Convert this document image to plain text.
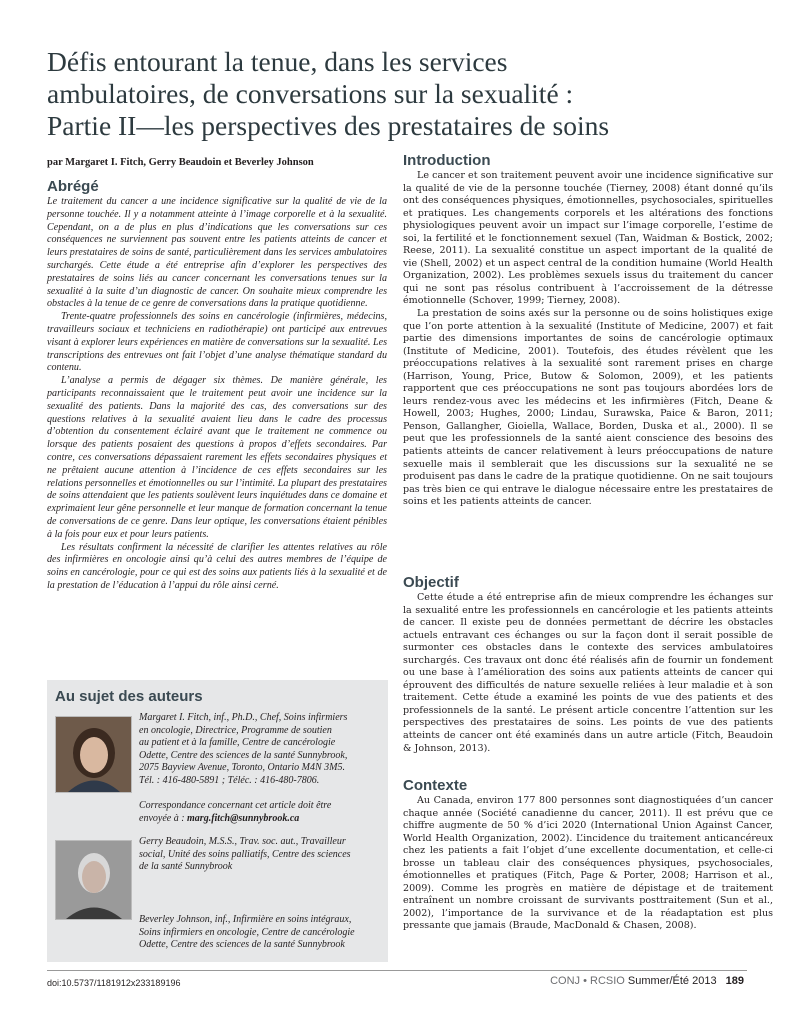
Défis entourant la tenue, dans les services
ambulatoires, de conversations sur la sexualité :
Partie II—les perspectives des prestataires de soins
par Margaret I. Fitch, Gerry Beaudoin et Beverley Johnson
Abrégé

Le traitement du cancer a une incidence significative sur la qualité de vie de la personne touchée. Il y a notamment atteinte à l’image corporelle et à la sexualité. Cependant, on a de plus en plus d’indications que les conversations sur ces conséquences ne surviennent pas souvent entre les patients atteints de cancer et leurs prestataires de soins de santé, particulièrement dans les services ambulatoires surchargés. Cette étude a été entreprise afin d’explorer les perspectives des prestataires de soins liés au cancer concernant les conversations tenues sur la sexualité à la suite d’un diagnostic de cancer. On souhaite mieux comprendre les obstacles à la tenue de ce genre de conversations dans la pratique quotidienne.

Trente-quatre professionnels des soins en cancérologie (infirmières, médecins, travailleurs sociaux et techniciens en radiothérapie) ont participé aux entrevues visant à explorer leurs expériences en matière de conversations sur la sexualité. Les transcriptions des entrevues ont fait l’objet d’une analyse thématique standard du contenu.

L’analyse a permis de dégager six thèmes. De manière générale, les participants reconnaissaient que le traitement peut avoir une incidence sur la sexualité des patients. Dans la majorité des cas, des conversations sur des questions relatives à la sexualité avaient lieu dans le cadre des processus d’obtention du consentement éclairé avant que le traitement ne commence ou lorsque des patients posaient des questions à propos d’effets secondaires. Par contre, ces conversations dépassaient rarement les effets secondaires physiques et ne prêtaient aucune attention à l’incidence de ces effets secondaires sur les relations personnelles et émotionnelles ou sur l’intimité. La plupart des prestataires de soins attendaient que les patients soulèvent leurs inquiétudes dans ce domaine et exprimaient leur gêne personnelle et leur manque de formation concernant la tenue de conversations de ce genre. Dans leur optique, les conversations étaient pénibles à la fois pour eux et pour leurs patients.

Les résultats confirment la nécessité de clarifier les attentes relatives au rôle des infirmières en oncologie ainsi qu’à celui des autres membres de l’équipe de soins en cancérologie, pour ce qui est des soins aux patients liés à la sexualité et de la prestation de l’éducation à l’appui du rôle ainsi cerné.

Au sujet des auteurs
Margaret I. Fitch, inf., Ph.D., Chef, Soins infirmiers
en oncologie, Directrice, Programme de soutien
au patient et à la famille, Centre de cancérologie
Odette, Centre des sciences de la santé Sunnybrook,
2075 Bayview Avenue, Toronto, Ontario M4N 3M5.
Tél. : 416-480-5891 ; Téléc. : 416-480-7806.
Correspondance concernant cet article doit être
envoyée à : marg.fitch@sunnybrook.ca
Gerry Beaudoin, M.S.S., Trav. soc. aut., Travailleur
social, Unité des soins palliatifs, Centre des sciences
de la santé Sunnybrook
Beverley Johnson, inf., Infirmière en soins intégraux,
Soins infirmiers en oncologie, Centre de cancérologie
Odette, Centre des sciences de la santé Sunnybrook
Introduction

Le cancer et son traitement peuvent avoir une incidence significative sur la qualité de vie de la personne touchée (Tierney, 2008) étant donné qu’ils ont des conséquences physiques, émotionnelles, psychosociales, spirituelles et pratiques. Les changements corporels et les altérations des fonctions physiologiques peuvent avoir un impact sur l’image corporelle, l’estime de soi, la fertilité et le fonctionnement sexuel (Tan, Waidman & Bostick, 2002; Reese, 2011). La sexualité constitue un aspect important de la qualité de vie (Shell, 2002) et un aspect central de la condition humaine (World Health Organization, 2002). Les problèmes sexuels issus du traitement du cancer qui ne sont pas résolus contribuent à l’accroissement de la détresse émotionnelle (Schover, 1999; Tierney, 2008).

La prestation de soins axés sur la personne ou de soins holistiques exige que l’on porte attention à la sexualité (Institute of Medicine, 2007) et fait partie des dimensions importantes de soins de cancérologie optimaux (Institute of Medicine, 2001). Toutefois, des études révèlent que les préoccupations relatives à la sexualité sont rarement prises en charge (Harrison, Young, Price, Butow & Solomon, 2009), et les patients rapportent que ces préoccupations ne sont pas toujours abordées lors de leurs rendez-vous avec les médecins et les infirmières (Fitch, Deane & Howell, 2003; Hughes, 2000; Lindau, Surawska, Paice & Baron, 2011; Penson, Gallangher, Gioiella, Wallace, Borden, Duska et al., 2000). Il se peut que les professionnels de la santé aient conscience des besoins des patients atteints de cancer relativement à leurs préoccupations de nature sexuelle mais il semblerait que les discussions sur la sexualité ne se produisent pas dans le cadre de la pratique quotidienne. On ne sait toujours pas très bien ce qui entrave le dialogue nécessaire entre les prestataires de soins et les patients atteints de cancer.

Objectif

Cette étude a été entreprise afin de mieux comprendre les échanges sur la sexualité entre les professionnels en cancérologie et les patients atteints de cancer. Il existe peu de données permettant de décrire les obstacles actuels entravant ces échanges ou sur la façon dont il serait possible de surmonter ces obstacles dans le contexte des services ambulatoires surchargés. Ces travaux ont donc été réalisés afin de fournir un fondement ou une base à l’amélioration des soins aux patients atteints de cancer qui éprouvent des difficultés de nature sexuelle reliées à leur maladie et à son traitement. Cette étude a examiné les points de vue des patients et des professionnels de la santé. Le présent article concentre l’attention sur les perspectives des prestataires de soins. Les points de vue des patients atteints de cancer ont été examinés dans un autre article (Fitch, Beaudoin & Johnson, 2013).

Contexte

Au Canada, environ 177 800 personnes sont diagnostiquées d’un cancer chaque année (Société canadienne du cancer, 2011). Il est prévu que ce chiffre augmente de 50 % d’ici 2020 (International Union Against Cancer, World Health Organization, 2002). L’incidence du traitement anticancéreux chez les patients a fait l’objet d’une excellente documentation, et celle-ci brosse un tableau clair des conséquences physiques, psychosociales, émotionnelles et pratiques (Fitch, Page & Porter, 2008; Harrison et al., 2009). Comme les progrès en matière de dépistage et de traitement entraînent un nombre croissant de survivants posttraitement (Sun et al., 2002), l’importance de la survivance et de la réadaptation est plus pressante que jamais (Braude, MacDonald & Chasen, 2008).

doi:10.5737/1181912x233189196	CONJ • RCSIO Summer/Été 2013 189
